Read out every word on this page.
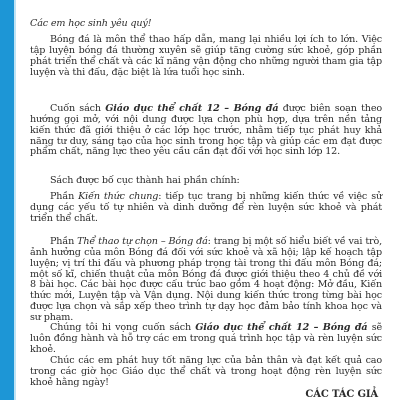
Các em học sinh yêu quý!

Bóng đá là môn thể thao hấp dẫn, mang lại nhiều lợi ích to lớn. Việc tập luyện bóng đá thường xuyên sẽ giúp tăng cường sức khoẻ, góp phần phát triển thể chất và các kĩ năng vận động cho những người tham gia tập luyện và thi đấu, đặc biệt là lứa tuổi học sinh.

Cuốn sách Giáo dục thể chất 12 – Bóng đá được biên soạn theo hướng gọi mở, với nội dung được lựa chọn phù hợp, dựa trên nền tảng kiến thức đã giới thiệu ở các lớp học trước, nhằm tiếp tục phát huy khả năng tư duy, sáng tạo của học sinh trong học tập và giúp các em đạt được phẩm chất, năng lực theo yêu cầu cần đạt đối với học sinh lớp 12.

Sách được bố cục thành hai phần chính:

Phần Kiến thức chung: tiếp tục trang bị những kiến thức về việc sử dụng các yếu tố tự nhiên và dinh dưỡng để rèn luyện sức khoẻ và phát triển thể chất.

Phần Thể thao tự chọn – Bóng đá: trang bị một số hiểu biết về vai trò, ảnh hưởng của môn Bóng đá đối với sức khoẻ và xã hội; lập kế hoạch tập luyện; vị trí thi đấu và phương pháp trọng tài trong thi đấu môn Bóng đá; một số kĩ, chiến thuật của môn Bóng đá được giới thiệu theo 4 chủ đề với 8 bài học. Các bài học được cấu trúc bao gồm 4 hoạt động: Mở đầu, Kiến thức mới, Luyện tập và Vận dụng. Nội dung kiến thức trong từng bài học được lựa chọn và sắp xếp theo trình tự dạy học đảm bảo tính khoa học và sư phạm.

Chúng tôi hi vọng cuốn sách Giáo dục thể chất 12 – Bóng đá sẽ luôn đồng hành và hỗ trợ các em trong quá trình học tập và rèn luyện sức khoẻ.

Chúc các em phát huy tốt năng lực của bản thân và đạt kết quả cao trong các giờ học Giáo dục thể chất và trong hoạt động rèn luyện sức khoẻ hằng ngày!

CÁC TÁC GIẢ
